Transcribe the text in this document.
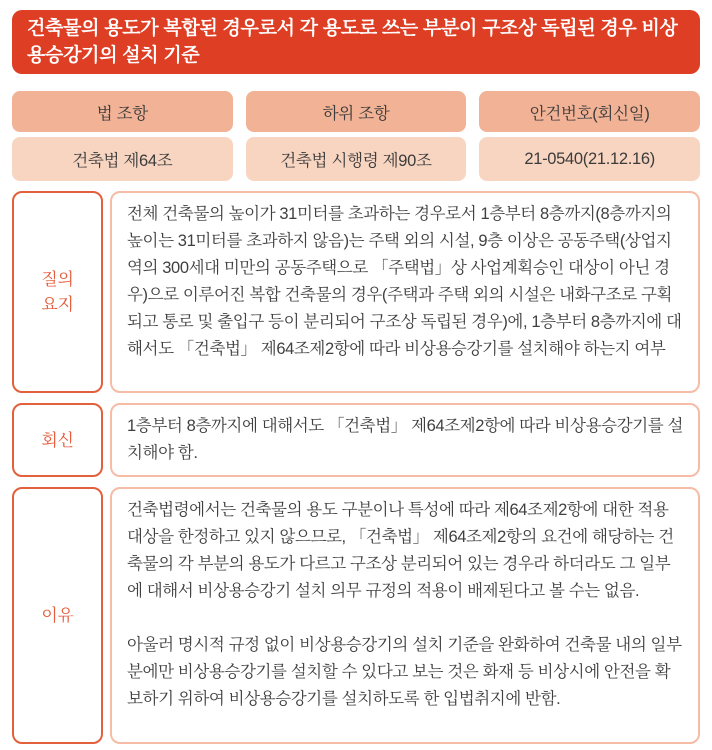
건축물의 용도가 복합된 경우로서 각 용도로 쓰는 부분이 구조상 독립된 경우 비상용승강기의 설치 기준
법 조항	하위 조항	안건번호(회신일)
건축법 제64조	건축법 시행령 제90조	21-0540(21.12.16)
질의 요지

전체 건축물의 높이가 31미터를 초과하는 경우로서 1층부터 8층까지(8층까지의 높이는 31미터를 초과하지 않음)는 주택 외의 시설, 9층 이상은 공동주택(상업지역의 300세대 미만의 공동주택으로 「주택법」상 사업계획승인 대상이 아닌 경우)으로 이루어진 복합 건축물의 경우(주택과 주택 외의 시설은 내화구조로 구획되고 통로 및 출입구 등이 분리되어 구조상 독립된 경우)에, 1층부터 8층까지에 대해서도 「건축법」 제64조제2항에 따라 비상용승강기를 설치해야 하는지 여부

회신

1층부터 8층까지에 대해서도 「건축법」 제64조제2항에 따라 비상용승강기를 설치해야 함.

이유

건축법령에서는 건축물의 용도 구분이나 특성에 따라 제64조제2항에 대한 적용대상을 한정하고 있지 않으므로, 「건축법」 제64조제2항의 요건에 해당하는 건축물의 각 부분의 용도가 다르고 구조상 분리되어 있는 경우라 하더라도 그 일부에 대해서 비상용승강기 설치 의무 규정의 적용이 배제된다고 볼 수는 없음.

아울러 명시적 규정 없이 비상용승강기의 설치 기준을 완화하여 건축물 내의 일부분에만 비상용승강기를 설치할 수 있다고 보는 것은 화재 등 비상시에 안전을 확보하기 위하여 비상용승강기를 설치하도록 한 입법취지에 반함.
